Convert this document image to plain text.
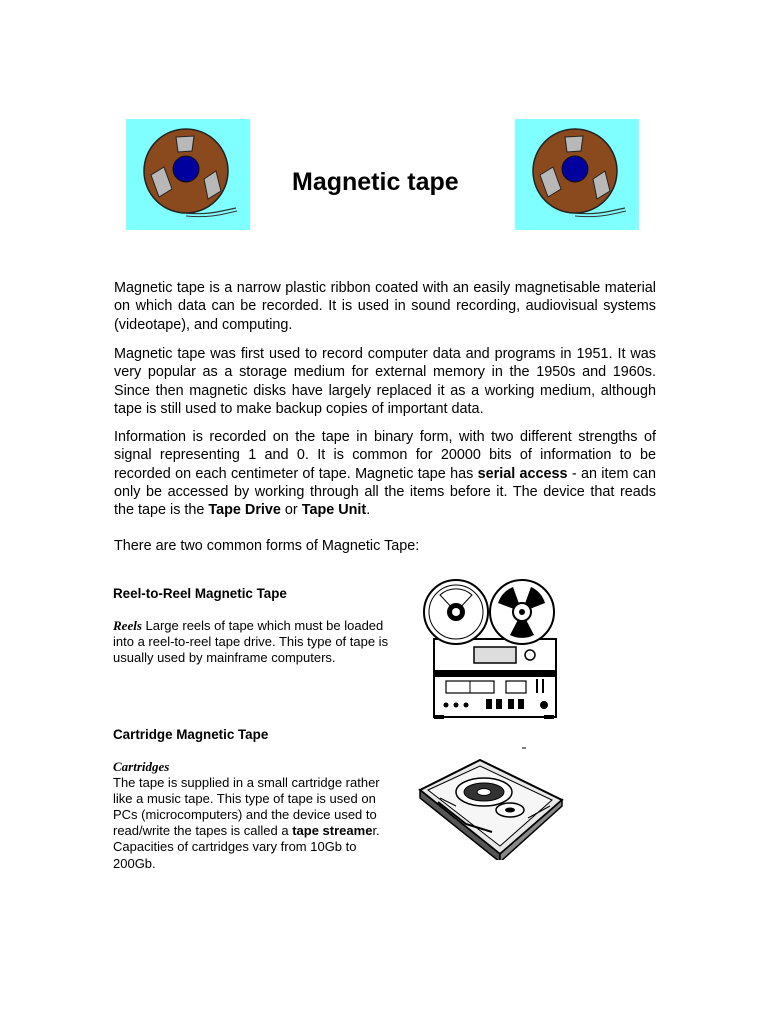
Magnetic tape

Magnetic tape is a narrow plastic ribbon coated with an easily magnetisable material on which data can be recorded. It is used in sound recording, audiovisual systems (videotape), and computing.

Magnetic tape was first used to record computer data and programs in 1951. It was very popular as a storage medium for external memory in the 1950s and 1960s. Since then magnetic disks have largely replaced it as a working medium, although tape is still used to make backup copies of important data.

Information is recorded on the tape in binary form, with two different strengths of signal representing 1 and 0. It is common for 20000 bits of information to be recorded on each centimeter of tape. Magnetic tape has serial access - an item can only be accessed by working through all the items before it. The device that reads the tape is the Tape Drive or Tape Unit.

There are two common forms of Magnetic Tape:

Reel-to-Reel Magnetic Tape

Reels Large reels of tape which must be loaded into a reel-to-reel tape drive. This type of tape is usually used by mainframe computers.

Cartridge Magnetic Tape

Cartridges
The tape is supplied in a small cartridge rather like a music tape. This type of tape is used on PCs (microcomputers) and the device used to read/write the tapes is called a tape streamer. Capacities of cartridges vary from 10Gb to 200Gb.
